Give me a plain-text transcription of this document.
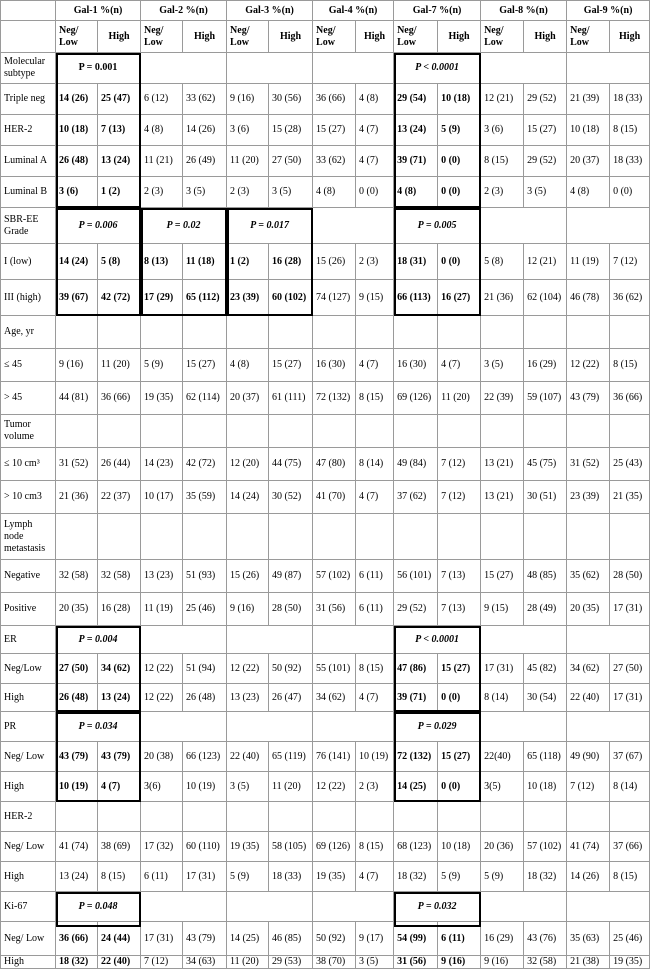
	Gal-1 %(n)		Gal-2 %(n)		Gal-3 %(n)		Gal-4 %(n)		Gal-7 %(n)		Gal-8 %(n)		Gal-9 %(n)	
	Neg/ Low	High	Neg/ Low	High	Neg/ Low	High	Neg/ Low	High	Neg/ Low	High	Neg/ Low	High	Neg/ Low	High
Molecular subtype	P = 0.001								P < 0.0001					
Triple neg	14 (26)	25 (47)	6 (12)	33 (62)	9 (16)	30 (56)	36 (66)	4 (8)	29 (54)	10 (18)	12 (21)	29 (52)	21 (39)	18 (33)
HER-2	10 (18)	7 (13)	4 (8)	14 (26)	3 (6)	15 (28)	15 (27)	4 (7)	13 (24)	5 (9)	3 (6)	15 (27)	10 (18)	8 (15)
Luminal A	26 (48)	13 (24)	11 (21)	26 (49)	11 (20)	27 (50)	33 (62)	4 (7)	39 (71)	0 (0)	8 (15)	29 (52)	20 (37)	18 (33)
Luminal B	3 (6)	1 (2)	2 (3)	3 (5)	2 (3)	3 (5)	4 (8)	0 (0)	4 (8)	0 (0)	2 (3)	3 (5)	4 (8)	0 (0)
SBR-EE Grade	P = 0.006		P = 0.02		P = 0.017				P = 0.005					
I (low)	14 (24)	5 (8)	8 (13)	11 (18)	1 (2)	16 (28)	15 (26)	2 (3)	18 (31)	0 (0)	5 (8)	12 (21)	11 (19)	7 (12)
III (high)	39 (67)	42 (72)	17 (29)	65 (112)	23 (39)	60 (102)	74 (127)	9 (15)	66 (113)	16 (27)	21 (36)	62 (104)	46 (78)	36 (62)
Age, yr														
≤ 45	9 (16)	11 (20)	5 (9)	15 (27)	4 (8)	15 (27)	16 (30)	4 (7)	16 (30)	4 (7)	3 (5)	16 (29)	12 (22)	8 (15)
> 45	44 (81)	36 (66)	19 (35)	62 (114)	20 (37)	61 (111)	72 (132)	8 (15)	69 (126)	11 (20)	22 (39)	59 (107)	43 (79)	36 (66)
Tumor volume														
≤ 10 cm³	31 (52)	26 (44)	14 (23)	42 (72)	12 (20)	44 (75)	47 (80)	8 (14)	49 (84)	7 (12)	13 (21)	45 (75)	31 (52)	25 (43)
> 10 cm3	21 (36)	22 (37)	10 (17)	35 (59)	14 (24)	30 (52)	41 (70)	4 (7)	37 (62)	7 (12)	13 (21)	30 (51)	23 (39)	21 (35)
Lymph node metastasis														
Negative	32 (58)	32 (58)	13 (23)	51 (93)	15 (26)	49 (87)	57 (102)	6 (11)	56 (101)	7 (13)	15 (27)	48 (85)	35 (62)	28 (50)
Positive	20 (35)	16 (28)	11 (19)	25 (46)	9 (16)	28 (50)	31 (56)	6 (11)	29 (52)	7 (13)	9 (15)	28 (49)	20 (35)	17 (31)
ER	P = 0.004								P < 0.0001					
Neg/Low	27 (50)	34 (62)	12 (22)	51 (94)	12 (22)	50 (92)	55 (101)	8 (15)	47 (86)	15 (27)	17 (31)	45 (82)	34 (62)	27 (50)
High	26 (48)	13 (24)	12 (22)	26 (48)	13 (23)	26 (47)	34 (62)	4 (7)	39 (71)	0 (0)	8 (14)	30 (54)	22 (40)	17 (31)
PR	P = 0.034								P = 0.029					
Neg/ Low	43 (79)	43 (79)	20 (38)	66 (123)	22 (40)	65 (119)	76 (141)	10 (19)	72 (132)	15 (27)	22(40)	65 (118)	49 (90)	37 (67)
High	10 (19)	4 (7)	3(6)	10 (19)	3 (5)	11 (20)	12 (22)	2 (3)	14 (25)	0 (0)	3(5)	10 (18)	7 (12)	8 (14)
HER-2														
Neg/ Low	41 (74)	38 (69)	17 (32)	60 (110)	19 (35)	58 (105)	69 (126)	8 (15)	68 (123)	10 (18)	20 (36)	57 (102)	41 (74)	37 (66)
High	13 (24)	8 (15)	6 (11)	17 (31)	5 (9)	18 (33)	19 (35)	4 (7)	18 (32)	5 (9)	5 (9)	18 (32)	14 (26)	8 (15)
Ki-67	P = 0.048								P = 0.032					
Neg/ Low	36 (66)	24 (44)	17 (31)	43 (79)	14 (25)	46 (85)	50 (92)	9 (17)	54 (99)	6 (11)	16 (29)	43 (76)	35 (63)	25 (46)
High	18 (32)	22 (40)	7 (12)	34 (63)	11 (20)	29 (53)	38 (70)	3 (5)	31 (56)	9 (16)	9 (16)	32 (58)	21 (38)	19 (35)
